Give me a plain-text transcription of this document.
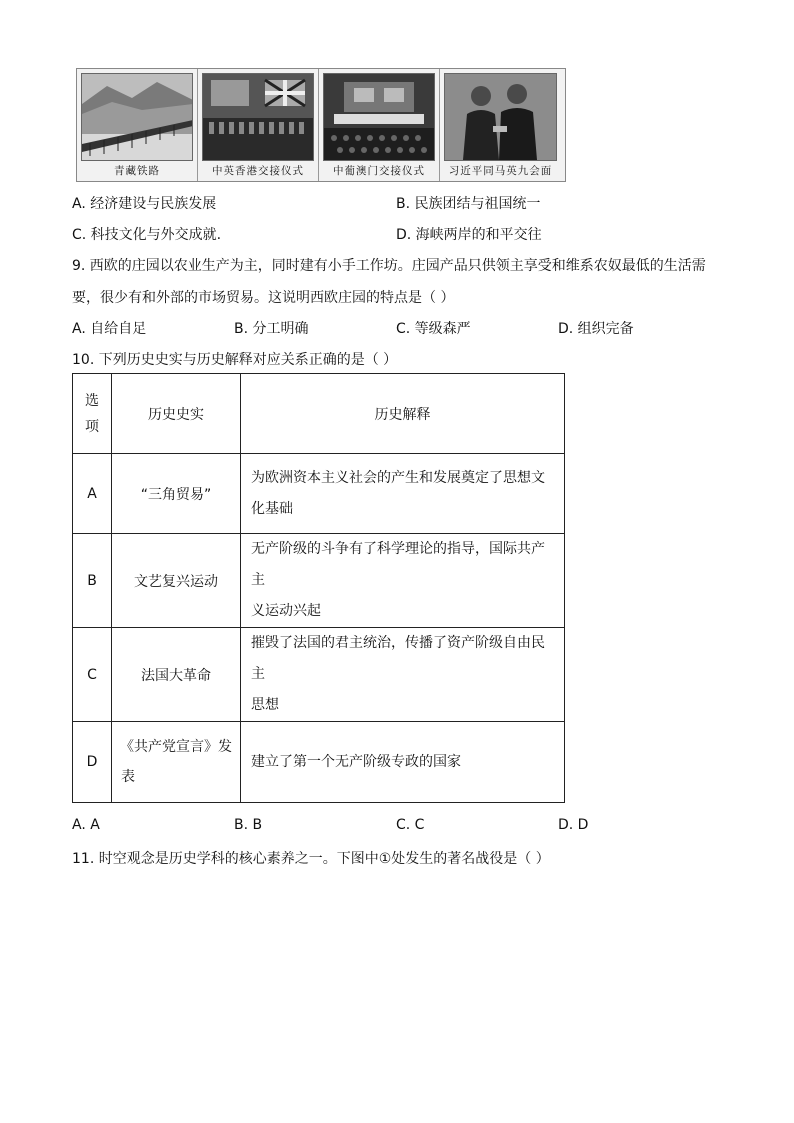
青藏铁路	中英香港交接仪式	中葡澳门交接仪式	习近平同马英九会面
A. 经济建设与民族发展	B. 民族团结与祖国统一
C. 科技文化与外交成就.	D. 海峡两岸的和平交往
9. 西欧的庄园以农业生产为主，同时建有小手工作坊。庄园产品只供领主享受和维系农奴最低的生活需
要，很少有和外部的市场贸易。这说明西欧庄园的特点是（ ）
A. 自给自足	B. 分工明确	C. 等级森严	D. 组织完备
10. 下列历史史实与历史解释对应关系正确的是（ ）
选
项	历史史实	历史解释
A	“三角贸易”	为欧洲资本主义社会的产生和发展奠定了思想文
化基础
B	文艺复兴运动	无产阶级的斗争有了科学理论的指导，国际共产主
义运动兴起
C	法国大革命	摧毁了法国的君主统治，传播了资产阶级自由民主
思想
D	《共产党宣言》发
表	建立了第一个无产阶级专政的国家
A. A	B. B	C. C	D. D
11. 时空观念是历史学科的核心素养之一。下图中①处发生的著名战役是（ ）
